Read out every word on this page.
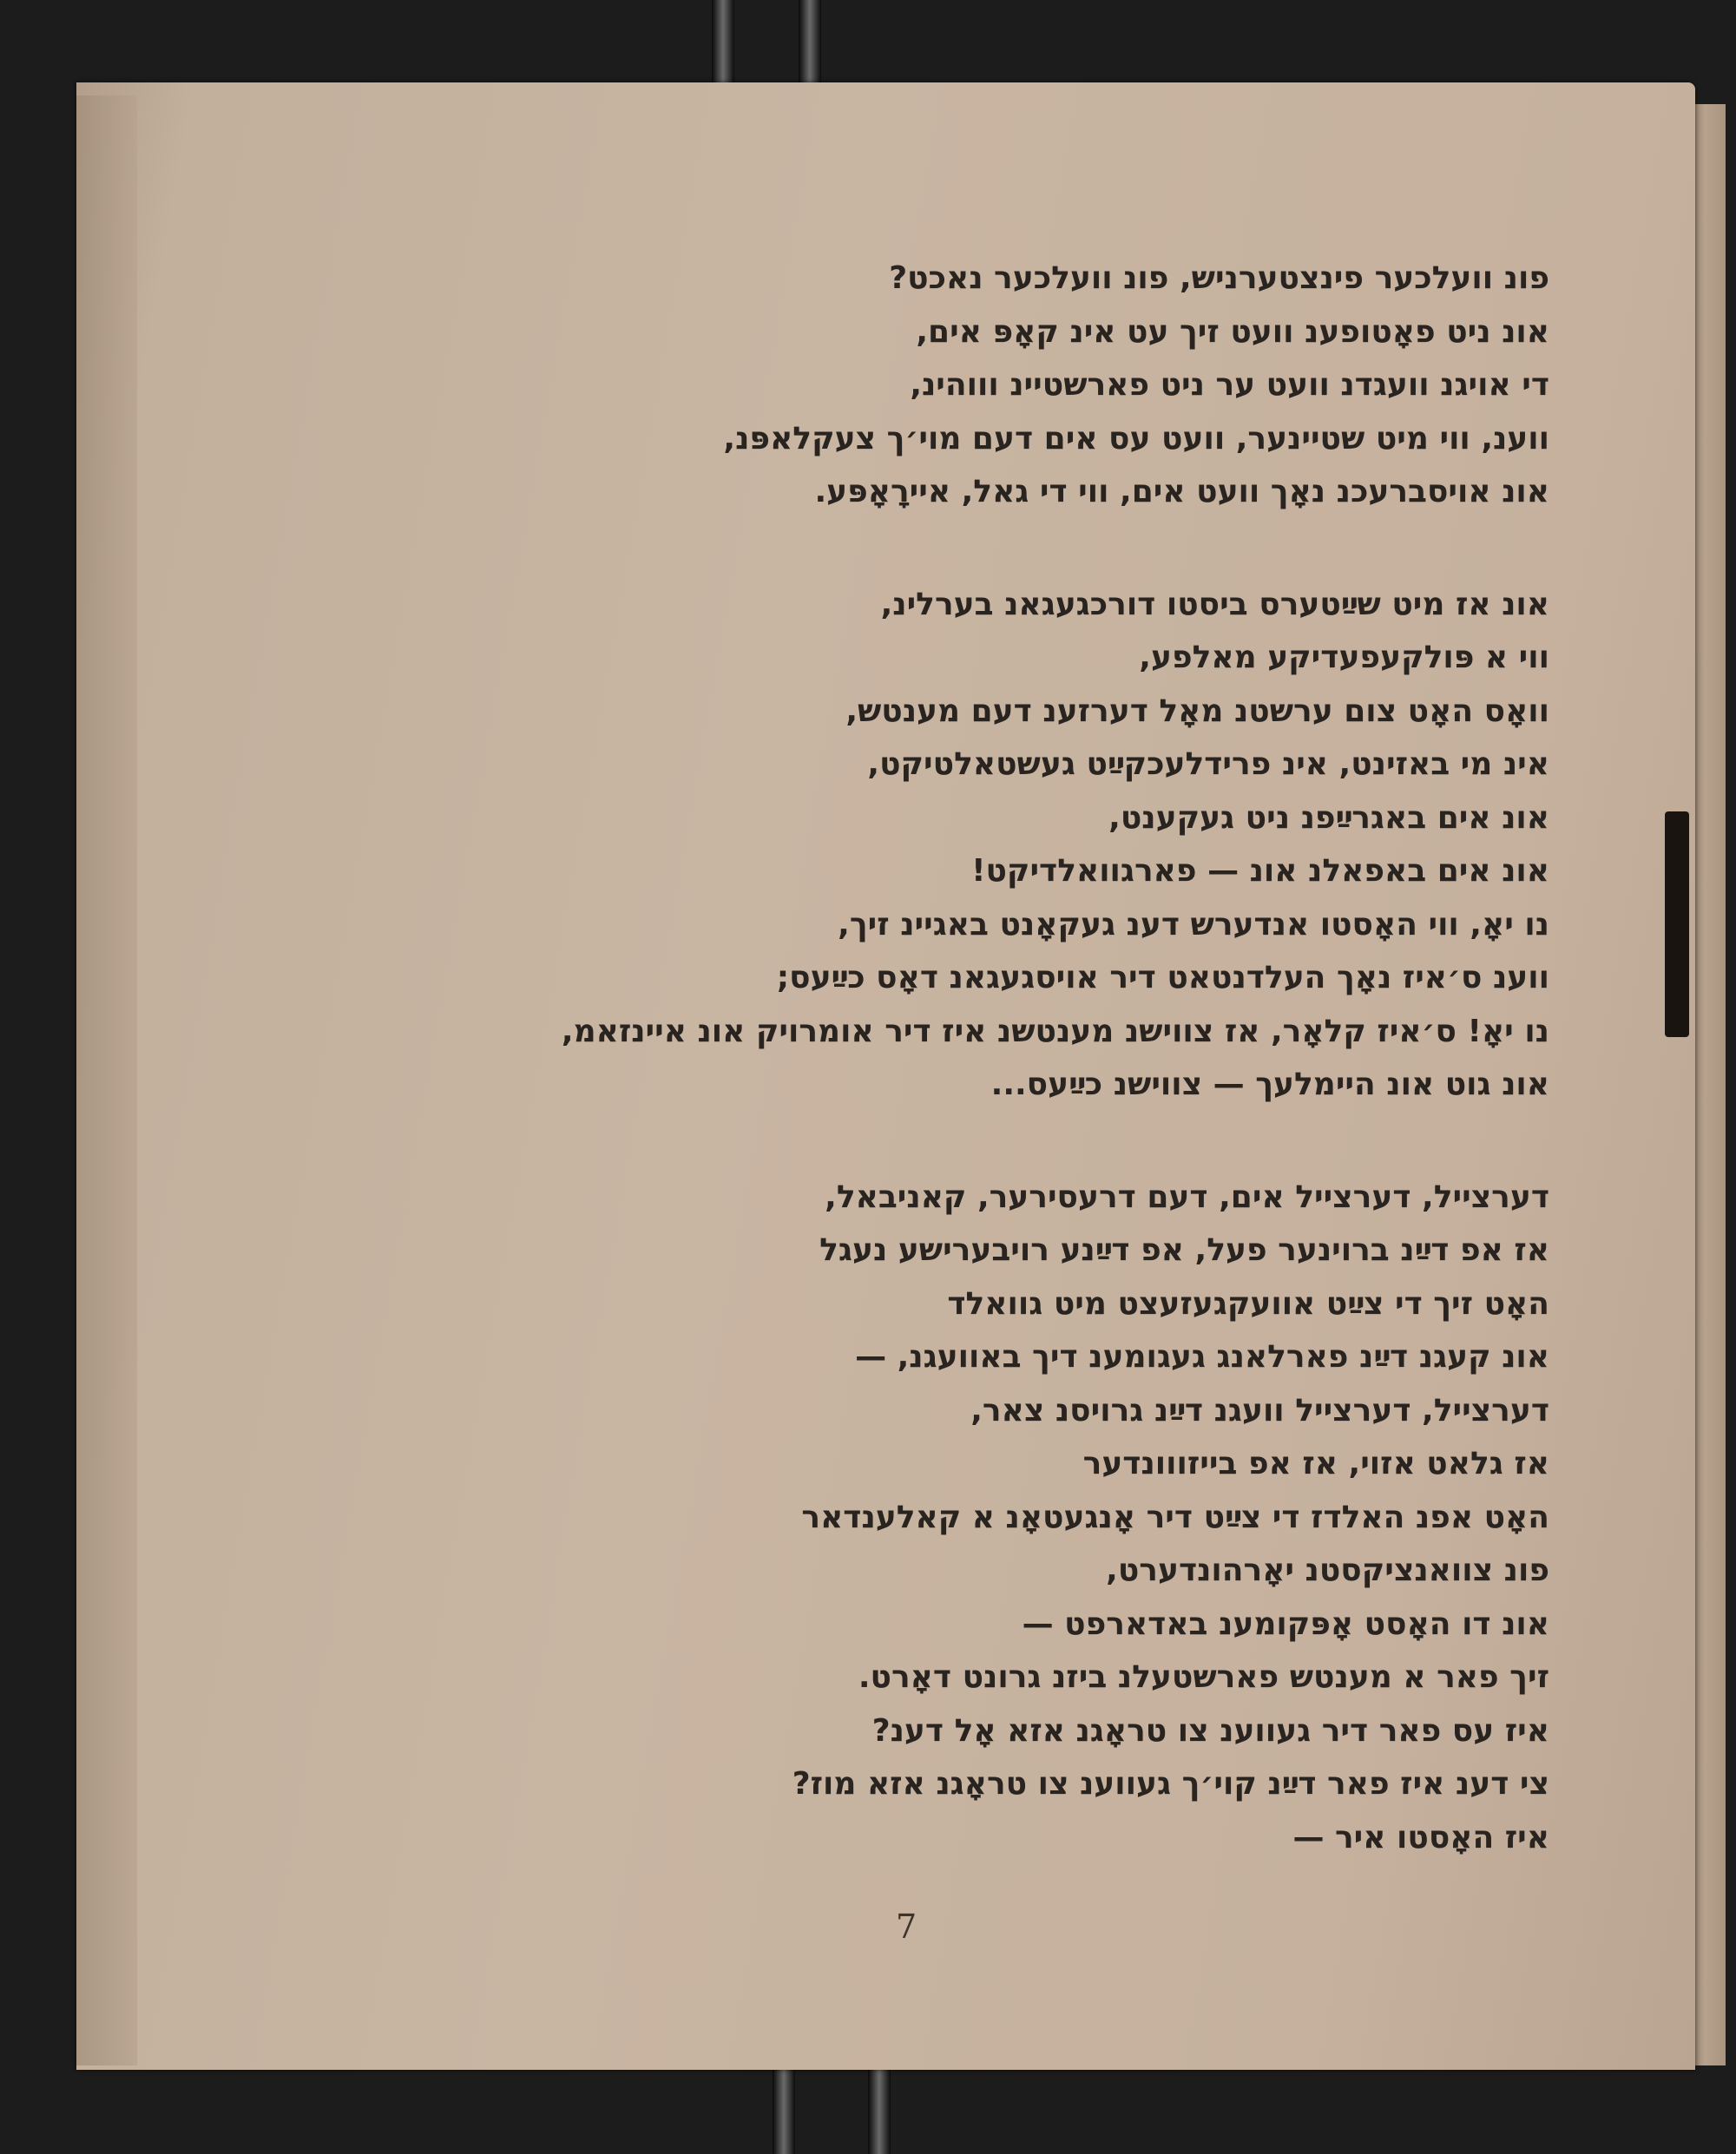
פונ וועלכער פינצטערניש, פונ וועלכער נאכט?
אונ ניט פאָטופענ וועט זיך עט אינ קאָפּ אים,
די אויגנ וועגדנ וועט ער ניט פארשטיינ וווהינ,
ווענ, ווי מיט שטיינער, וועט עס אים דעם מוי׳ך צעקלאפּנ,
אונ אויסברעכנ נאָך וועט אים, ווי די גאל, איירָאָפּע.
אונ אז מיט שײַטערס ביסטו דורכגעגאנ בערלינ,
ווי א פּולקעפעדיקע מאלפע,
וואָס האָט צום ערשטנ מאָל דערזענ דעם מענטש,
אינ מי באזינט, אינ פרידלעכקײַט געשטאלטיקט,
אונ אים באגרײַפנ ניט געקענט,
אונ אים באפאלנ אונ — פארגוואלדיקט!
נו יאָ, ווי האָסטו אנדערש דענ געקאָנט באגיינ זיך,
ווענ ס׳איז נאָך העלדנטאט דיר אויסגעגאנ דאָס כײַעס;
נו יאָ! ס׳איז קלאָר, אז צווישנ מענטשנ איז דיר אומרויק אונ איינזאמ,
אונ גוט אונ היימלעך — צווישנ כײַעס...
דערצייל, דערצייל אים, דעם דרעסירער, קאניבאל,
אז אפ דײַנ ברוינער פעל, אפ דײַנע רויבערישע נעגל
האָט זיך די צײַט אוועקגעזעצט מיט גוואלד
אונ קעגנ דײַנ פארלאנג געגומענ דיך באוועגנ, —
דערצייל, דערצייל וועגנ דײַנ גרויסנ צאר,
אז גלאט אזוי, אז אפ בייזווונדער
האָט אפנ האלדז די צײַט דיר אָנגעטאָנ א קאלענדאר
פונ צוואנציקסטנ יאָרהונדערט,
אונ דו האָסט אָפּקומענ באדארפט —
זיך פאר א מענטש פארשטעלנ ביזנ גרונט דאָרט.
איז עס פאר דיר געווענ צו טראָגנ אזא אָל דענ?
צי דענ איז פאר דײַנ קוי׳ך געווענ צו טראָגנ אזא מוז?
איז האָסטו איר —
7
